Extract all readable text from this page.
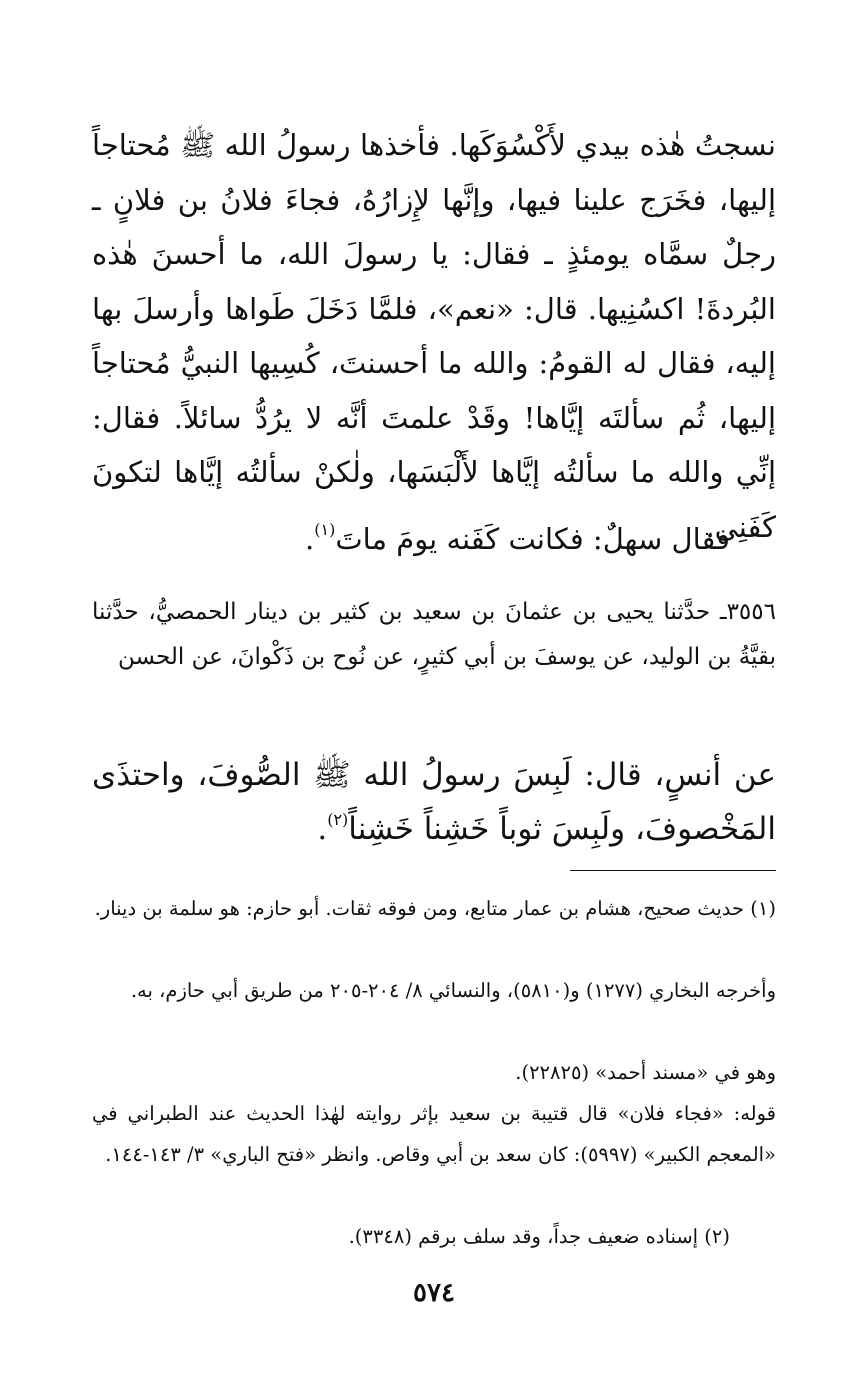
نسجتُ هٰذه بيدي لأَكْسُوَكَها. فأخذها رسولُ الله ﷺ مُحتاجاً إليها، فخَرَج علينا فيها، وإنَّها لإِزارُهُ، فجاءَ فلانُ بن فلانٍ ـ رجلٌ سمَّاه يومئذٍ ـ فقال: يا رسولَ الله، ما أحسنَ هٰذه البُردةَ! اكسُنِيها. قال: «نعم»، فلمَّا دَخَلَ طَواها وأرسلَ بها إليه، فقال له القومُ: والله ما أحسنتَ، كُسِيها النبيُّ مُحتاجاً إليها، ثُم سألتَه إيَّاها! وقَدْ علمتَ أنَّه لا يرُدُّ سائلاً. فقال: إنِّي والله ما سألتُه إيَّاها لأَلْبَسَها، ولٰكنْ سألتُه إيَّاها لتكونَ كَفَنِي.

فقال سهلٌ: فكانت كَفَنه يومَ ماتَ$^{(١)}$.

٣٥٥٦ـ حدَّثنا يحيى بن عثمانَ بن سعيد بن كثير بن دينار الحمصيُّ، حدَّثنا بقيَّةُ بن الوليد، عن يوسفَ بن أبي كثيرٍ، عن نُوح بن ذَكْوانَ، عن الحسن

عن أنسٍ، قال: لَبِسَ رسولُ الله ﷺ الصُّوفَ، واحتذَى المَخْصوفَ، ولَبِسَ ثوباً خَشِناً خَشِناً$^{(٢)}$.

(١) حديث صحيح، هشام بن عمار متابع، ومن فوقه ثقات. أبو حازم: هو سلمة بن دينار.

وأخرجه البخاري (١٢٧٧) و(٥٨١٠)، والنسائي ٨/ ٢٠٤-٢٠٥ من طريق أبي حازم، به.

وهو في «مسند أحمد» (٢٢٨٢٥).

قوله: «فجاء فلان» قال قتيبة بن سعيد بإثر روايته لهٰذا الحديث عند الطبراني في «المعجم الكبير» (٥٩٩٧): كان سعد بن أبي وقاص. وانظر «فتح الباري» ٣/ ١٤٣-١٤٤.

(٢) إسناده ضعيف جداً، وقد سلف برقم (٣٣٤٨).

٥٧٤
